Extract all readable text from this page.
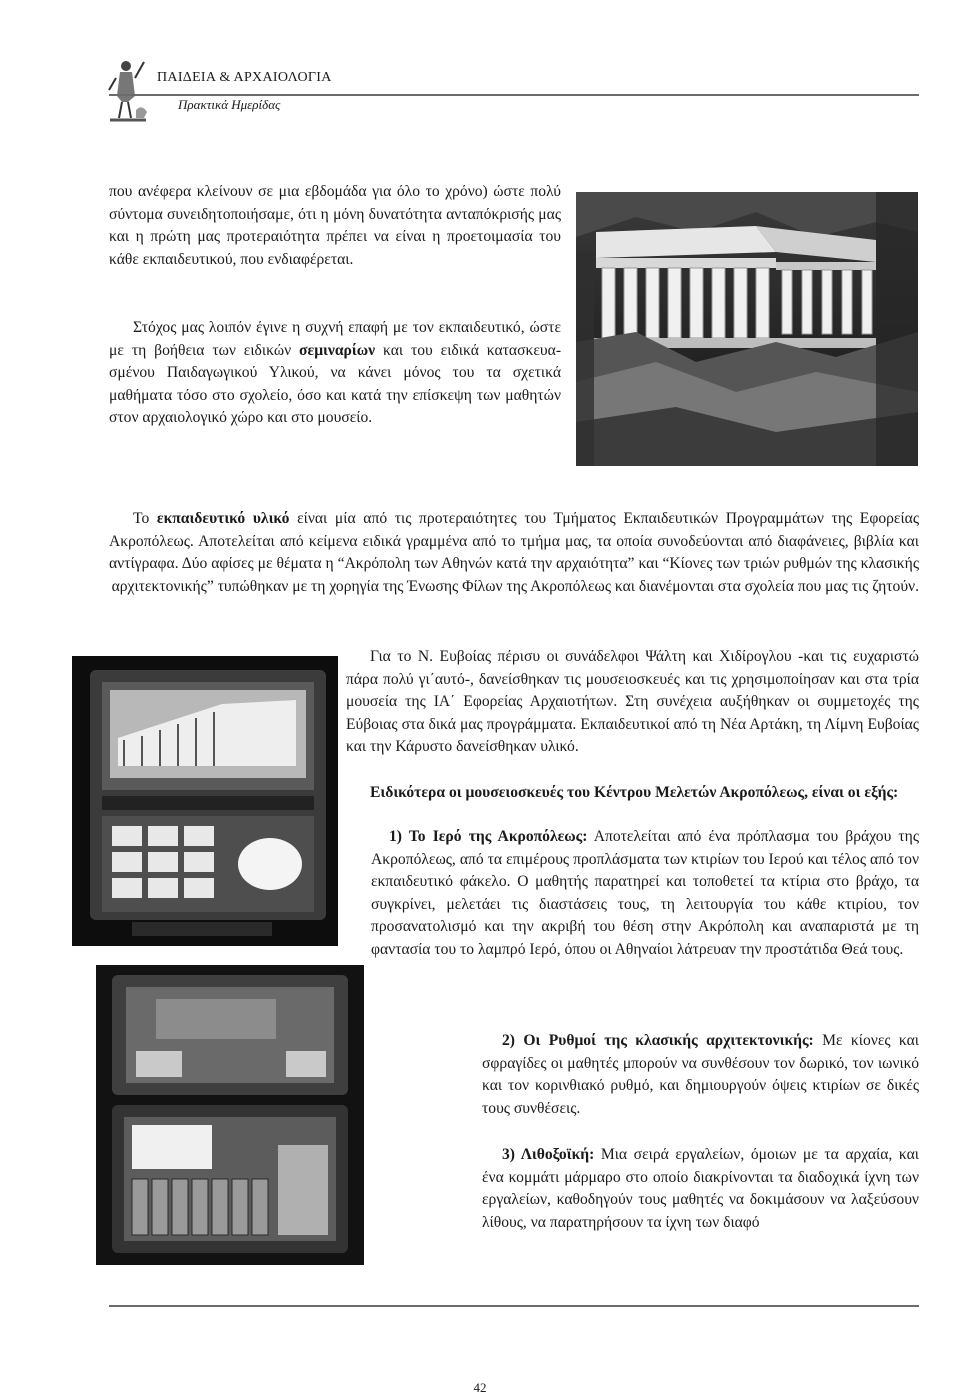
ΠΑΙΔΕΙΑ & ΑΡΧΑΙΟΛΟΓΙΑ
Πρακτικά Ημερίδας
που ανέφερα κλείνουν σε μια εβδομάδα για όλο το χρόνο) ώστε πολύ σύντομα συνειδητοποιήσαμε, ότι η μόνη δυνατότητα ανταπόκρισής μας και η πρώτη μας προτεραιότητα πρέπει να είναι η προετοιμασία του κάθε εκπαιδευτικού, που ενδιαφέρεται.
Στόχος μας λοιπόν έγινε η συχνή επαφή με τον εκπαιδευτικό, ώστε με τη βοήθεια των ειδικών σεμιναρίων και του ειδικά κατασκευασμένου Παιδαγωγικού Υλικού, να κάνει μόνος του τα σχετικά μαθήματα τόσο στο σχολείο, όσο και κατά την επίσκεψη των μαθητών στον αρχαιολογικό χώρο και στο μουσείο.
Το εκπαιδευτικό υλικό είναι μία από τις προτεραιότητες του Τμήματος Εκπαιδευτικών Προγραμμάτων της Εφορείας Ακροπόλεως. Αποτελείται από κείμενα ειδικά γραμμένα από το τμήμα μας, τα οποία συνοδεύονται από διαφάνειες, βιβλία και αντίγραφα. Δύο αφίσες με θέματα η “Ακρόπολη των Αθηνών κατά την αρχαιότητα” και “Κίονες των τριών ρυθμών της κλασικής αρχιτεκτονικής” τυπώθηκαν με τη χορηγία της Ένωσης Φίλων της Ακροπόλεως και διανέμονται στα σχολεία που μας τις ζητούν.
Για το Ν. Ευβοίας πέρισυ οι συνάδελφοι Ψάλτη και Χιδίρογλου -και τις ευχαριστώ πάρα πολύ γι΄αυτό-, δανείσθηκαν τις μουσειοσκευές και τις χρησιμοποίησαν και στα τρία μουσεία της ΙΑ΄ Εφορείας Αρχαιοτήτων. Στη συνέχεια αυξήθηκαν οι συμμετοχές της Εύβοιας στα δικά μας προγράμματα. Εκπαιδευτικοί από τη Νέα Αρτάκη, τη Λίμνη Ευβοίας και την Κάρυστο δανείσθηκαν υλικό.
Ειδικότερα οι μουσειοσκευές του Κέντρου Μελετών Ακροπόλεως, είναι οι εξής:
1) Το Ιερό της Ακροπόλεως: Αποτελείται από ένα πρόπλασμα του βράχου της Ακροπόλεως, από τα επιμέρους προπλάσματα των κτιρίων του Ιερού και τέλος από τον εκπαιδευτικό φάκελο. Ο μαθητής παρατηρεί και τοποθετεί τα κτίρια στο βράχο, τα συγκρίνει, μελετάει τις διαστάσεις τους, τη λειτουργία του κάθε κτιρίου, τον προσανατολισμό και την ακριβή του θέση στην Ακρόπολη και αναπαριστά με τη φαντασία του το λαμπρό Ιερό, όπου οι Αθηναίοι λάτρευαν την προστάτιδα Θεά τους.
2) Οι Ρυθμοί της κλασικής αρχιτεκτονικής: Με κίονες και σφραγίδες οι μαθητές μπορούν να συνθέσουν τον δωρικό, τον ιωνικό και τον κορινθιακό ρυθμό, και δημιουργούν όψεις κτιρίων σε δικές τους συνθέσεις.
3) Λιθοξοϊκή: Μια σειρά εργαλείων, όμοιων με τα αρχαία, και ένα κομμάτι μάρμαρο στο οποίο διακρίνονται τα διαδοχικά ίχνη των εργαλείων, καθοδηγούν τους μαθητές να δοκιμάσουν να λαξεύσουν λίθους, να παρατηρήσουν τα ίχνη των διαφό
42
